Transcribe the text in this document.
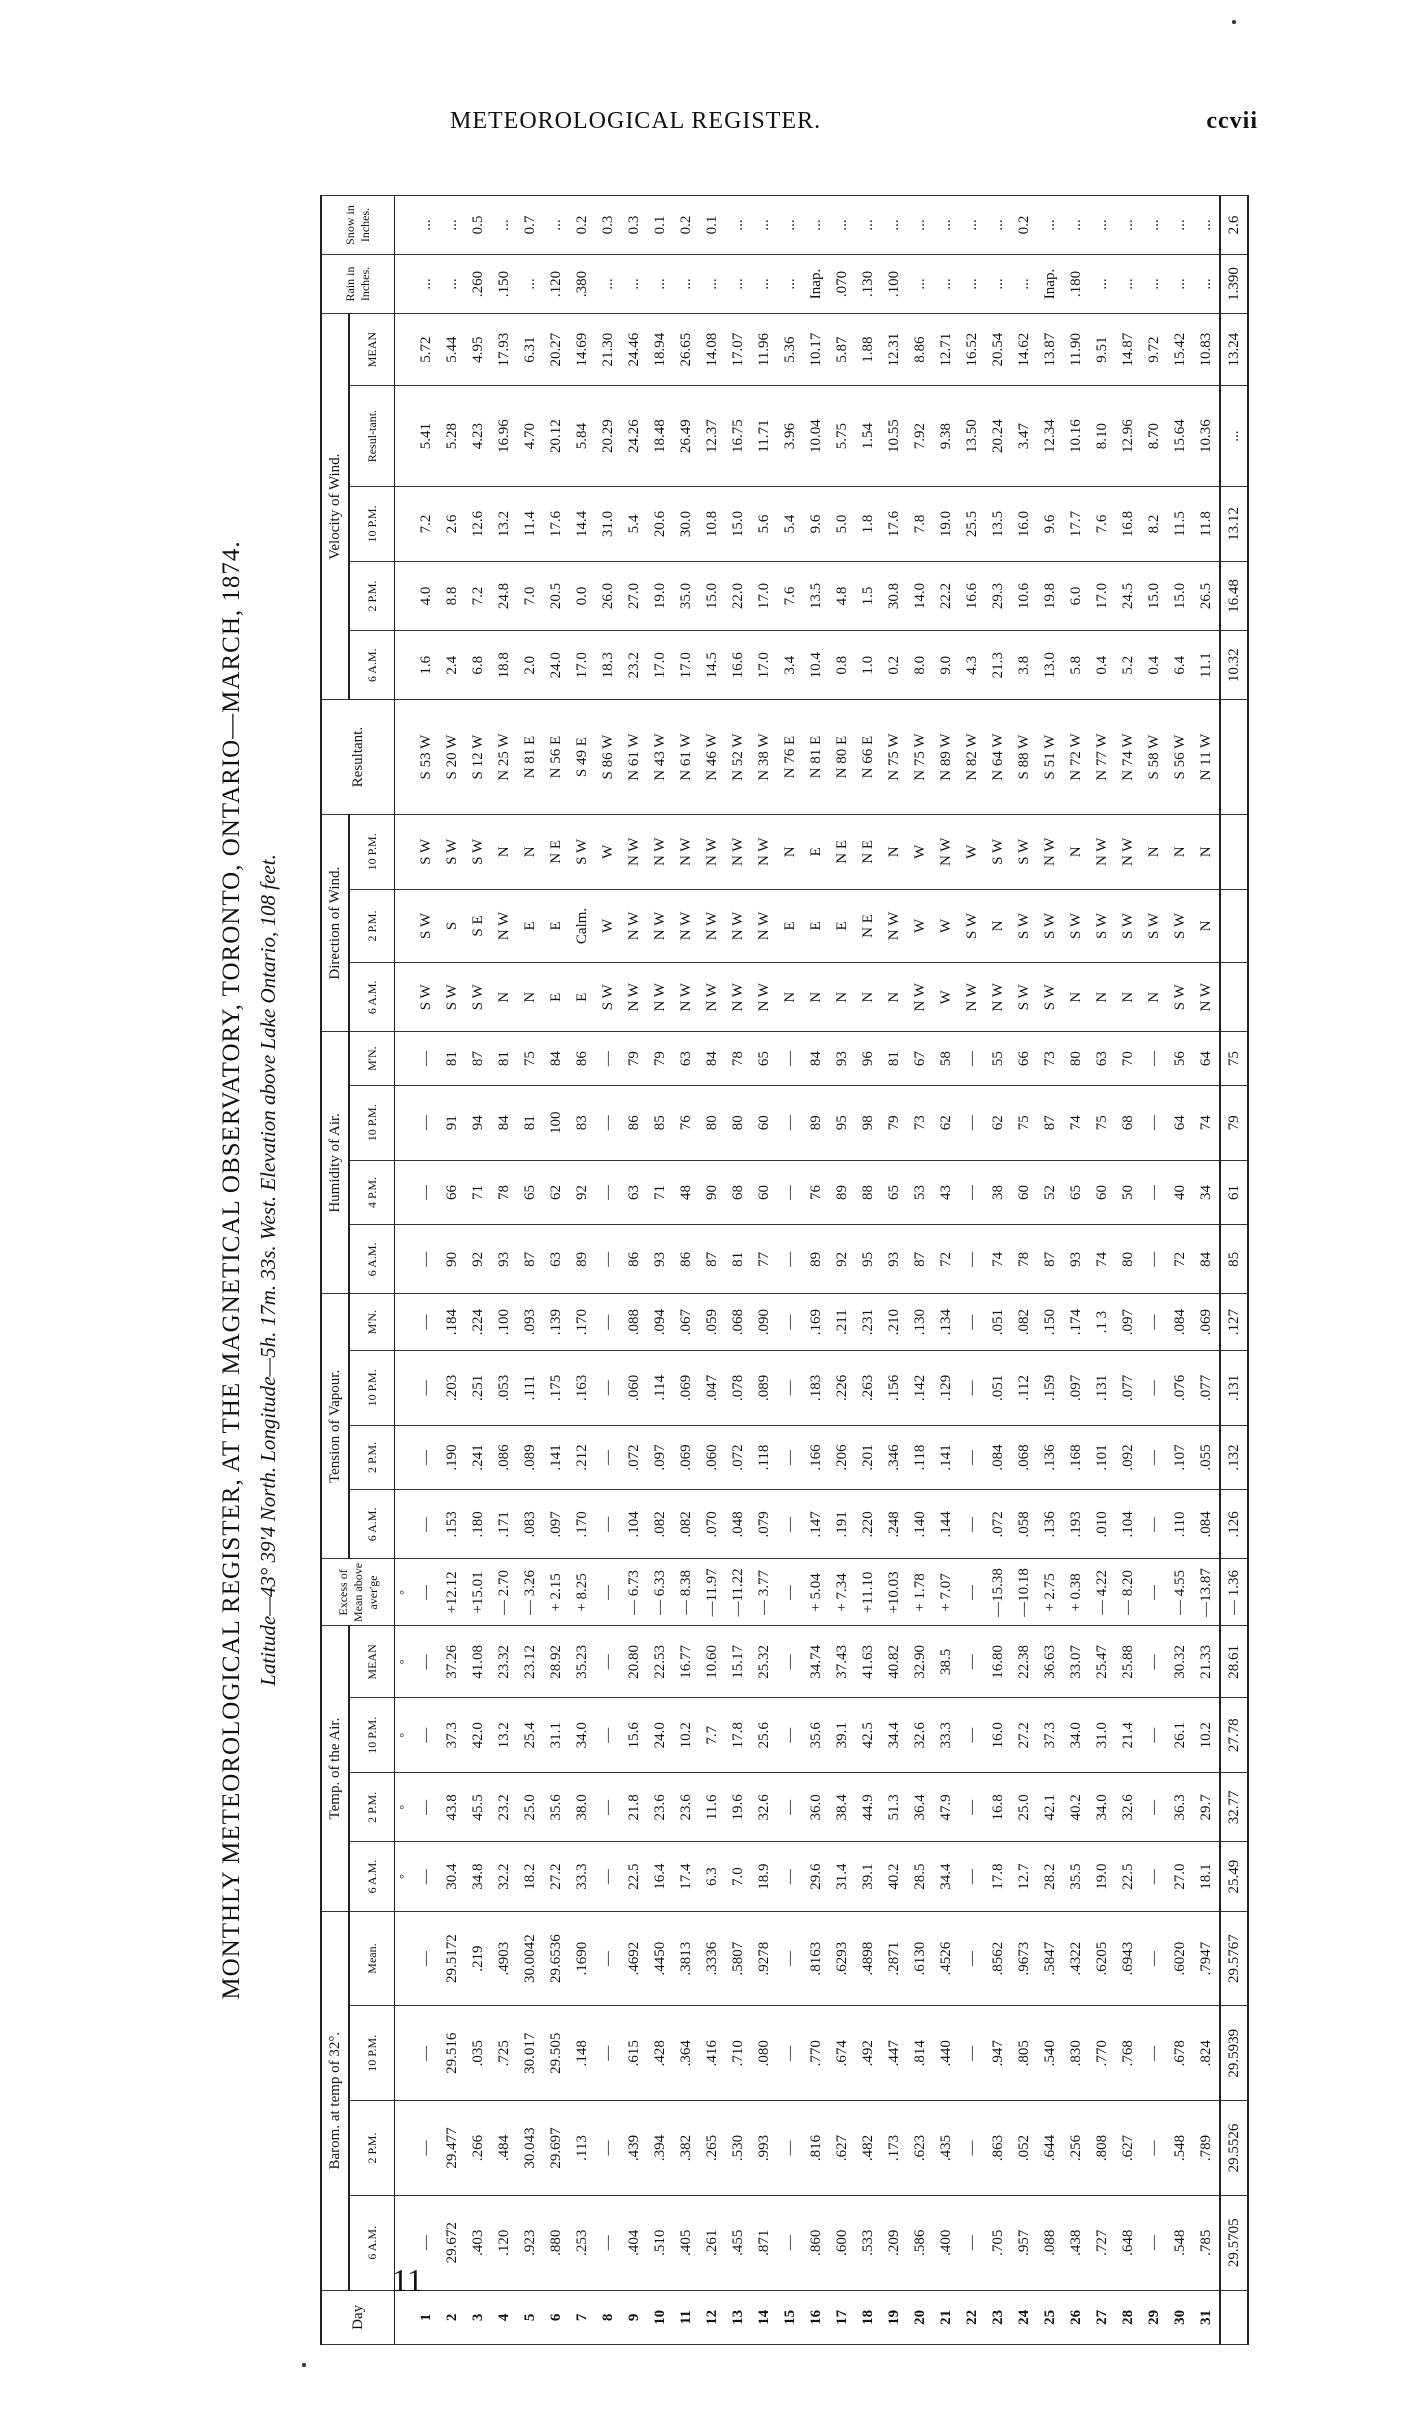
METEOROLOGICAL REGISTER.	ccvii
MONTHLY METEOROLOGICAL REGISTER, AT THE MAGNETICAL OBSERVATORY, TORONTO, ONTARIO—MARCH, 1874. Latitude—43° 39'4 North. Longitude—5h. 17m. 33s. West. Elevation above Lake Ontario, 108 feet.
Day	Barom. at temp of 32°.				Temp. of the Air.				Excess of Mean above aver'ge	Tension of Vapour.				Humidity of Air.				Direction of Wind.			Resultant.	Velocity of Wind.					Rain in Inches.	Snow in Inches.
	6 A.M.	2 P.M.	10 P.M.	Mean.	6 A.M.	2 P.M.	10 P.M.	MEAN		6 A.M.	2 P.M.	10 P.M.	M'N.	6 A.M.	4 P.M.	10 P.M.	M'N.	6 A.M.	2 P.M.	10 P.M.		6 A.M.	2 P.M.	10 P.M.	Resul-tant.	MEAN		
					°	°	°	°	°																			
1	—	—	—	—	—	—	—	—	—	—	—	—	—	—	—	—	—	S W	S W	S W	S 53 W	1.6	4.0	7.2	5.41	5.72	...	...
2	29.672	29.477	29.516	29.5172	30.4	43.8	37.3	37.26	+12.12	.153	.190	.203	.184	90	66	91	81	S W	S	S W	S 20 W	2.4	8.8	2.6	5.28	5.44	...	...
3	.403	.266	.035	.219	34.8	45.5	42.0	41.08	+15.01	.180	.241	.251	.224	92	71	94	87	S W	S E	S W	S 12 W	6.8	7.2	12.6	4.23	4.95	.260	0.5
4	.120	.484	.725	.4903	32.2	23.2	13.2	23.32	— 2.70	.171	.086	.053	.100	93	78	84	81	N	N W	N	N 25 W	18.8	24.8	13.2	16.96	17.93	.150	...
5	.923	30.043	30.017	30.0042	18.2	25.0	25.4	23.12	— 3.26	.083	.089	.111	.093	87	65	81	75	N	E	N	N 81 E	2.0	7.0	11.4	4.70	6.31	...	0.7
6	.880	29.697	29.505	29.6536	27.2	35.6	31.1	28.92	+ 2.15	.097	.141	.175	.139	63	62	100	84	E	E	N E	N 56 E	24.0	20.5	17.6	20.12	20.27	.120	...
7	.253	.113	.148	.1690	33.3	38.0	34.0	35.23	+ 8.25	.170	.212	.163	.170	89	92	83	86	E	Calm.	S W	S 49 E	17.0	0.0	14.4	5.84	14.69	.380	0.2
8	—	—	—	—	—	—	—	—	—	—	—	—	—	—	—	—	—	S W	W	W	S 86 W	18.3	26.0	31.0	20.29	21.30	...	0.3
9	.404	.439	.615	.4692	22.5	21.8	15.6	20.80	— 6.73	.104	.072	.060	.088	86	63	86	79	N W	N W	N W	N 61 W	23.2	27.0	5.4	24.26	24.46	...	0.3
10	.510	.394	.428	.4450	16.4	23.6	24.0	22.53	— 6.33	.082	.097	.114	.094	93	71	85	79	N W	N W	N W	N 43 W	17.0	19.0	20.6	18.48	18.94	...	0.1
11	.405	.382	.364	.3813	17.4	23.6	10.2	16.77	— 8.38	.082	.069	.069	.067	86	48	76	63	N W	N W	N W	N 61 W	17.0	35.0	30.0	26.49	26.65	...	0.2
12	.261	.265	.416	.3336	6.3	11.6	7.7	10.60	—11.97	.070	.060	.047	.059	87	90	80	84	N W	N W	N W	N 46 W	14.5	15.0	10.8	12.37	14.08	...	0.1
13	.455	.530	.710	.5807	7.0	19.6	17.8	15.17	—11.22	.048	.072	.078	.068	81	68	80	78	N W	N W	N W	N 52 W	16.6	22.0	15.0	16.75	17.07	...	...
14	.871	.993	.080	.9278	18.9	32.6	25.6	25.32	— 3.77	.079	.118	.089	.090	77	60	60	65	N W	N W	N W	N 38 W	17.0	17.0	5.6	11.71	11.96	...	...
15	—	—	—	—	—	—	—	—	—	—	—	—	—	—	—	—	—	N	E	N	N 76 E	3.4	7.6	5.4	3.96	5.36	...	...
16	.860	.816	.770	.8163	29.6	36.0	35.6	34.74	+ 5.04	.147	.166	.183	.169	89	76	89	84	N	E	E	N 81 E	10.4	13.5	9.6	10.04	10.17	Inap.	...
17	.600	.627	.674	.6293	31.4	38.4	39.1	37.43	+ 7.34	.191	.206	.226	.211	92	89	95	93	N	E	N E	N 80 E	0.8	4.8	5.0	5.75	5.87	.070	...
18	.533	.482	.492	.4898	39.1	44.9	42.5	41.63	+11.10	.220	.201	.263	.231	95	88	98	96	N	N E	N E	N 66 E	1.0	1.5	1.8	1.54	1.88	.130	...
19	.209	.173	.447	.2871	40.2	51.3	34.4	40.82	+10.03	.248	.346	.156	.210	93	65	79	81	N	N W	N	N 75 W	0.2	30.8	17.6	10.55	12.31	.100	...
20	.586	.623	.814	.6130	28.5	36.4	32.6	32.90	+ 1.78	.140	.118	.142	.130	87	53	73	67	N W	W	W	N 75 W	8.0	14.0	7.8	7.92	8.86	...	...
21	.400	.435	.440	.4526	34.4	47.9	33.3	38.5	+ 7.07	.144	.141	.129	.134	72	43	62	58	W	W	N W	N 89 W	9.0	22.2	19.0	9.38	12.71	...	...
22	—	—	—	—	—	—	—	—	—	—	—	—	—	—	—	—	—	N W	S W	W	N 82 W	4.3	16.6	25.5	13.50	16.52	...	...
23	.705	.863	.947	.8562	17.8	16.8	16.0	16.80	—15.38	.072	.084	.051	.051	74	38	62	55	N W	N	S W	N 64 W	21.3	29.3	13.5	20.24	20.54	...	...
24	.957	.052	.805	.9673	12.7	25.0	27.2	22.38	—10.18	.058	.068	.112	.082	78	60	75	66	S W	S W	S W	S 88 W	3.8	10.6	16.0	3.47	14.62	...	0.2
25	.088	.644	.540	.5847	28.2	42.1	37.3	36.63	+ 2.75	.136	.136	.159	.150	87	52	87	73	S W	S W	N W	S 51 W	13.0	19.8	9.6	12.34	13.87	Inap.	...
26	.438	.256	.830	.4322	35.5	40.2	34.0	33.07	+ 0.38	.193	.168	.097	.174	93	65	74	80	N	S W	N	N 72 W	5.8	6.0	17.7	10.16	11.90	.180	...
27	.727	.808	.770	.6205	19.0	34.0	31.0	25.47	— 4.22	.010	.101	.131	.1 3	74	60	75	63	N	S W	N W	N 77 W	0.4	17.0	7.6	8.10	9.51	...	...
28	.648	.627	.768	.6943	22.5	32.6	21.4	25.88	— 8.20	.104	.092	.077	.097	80	50	68	70	N	S W	N W	N 74 W	5.2	24.5	16.8	12.96	14.87	...	...
29	—	—	—	—	—	—	—	—	—	—	—	—	—	—	—	—	—	N	S W	N	S 58 W	0.4	15.0	8.2	8.70	9.72	...	...
30	.548	.548	.678	.6020	27.0	36.3	26.1	30.32	— 4.55	.110	.107	.076	.084	72	40	64	56	S W	S W	N	S 56 W	6.4	15.0	11.5	15.64	15.42	...	...
31	.785	.789	.824	.7947	18.1	29.7	10.2	21.33	—13.87	.084	.055	.077	.069	84	34	74	64	N W	N	N	N 11 W	11.1	26.5	11.8	10.36	10.83	...	...
	29.5705	29.5526	29.5939	29.5767	25.49	32.77	27.78	28.61	— 1.36	.126	.132	.131	.127	85	61	79	75					10.32	16.48	13.12	...	13.24	1.390	2.6
11
